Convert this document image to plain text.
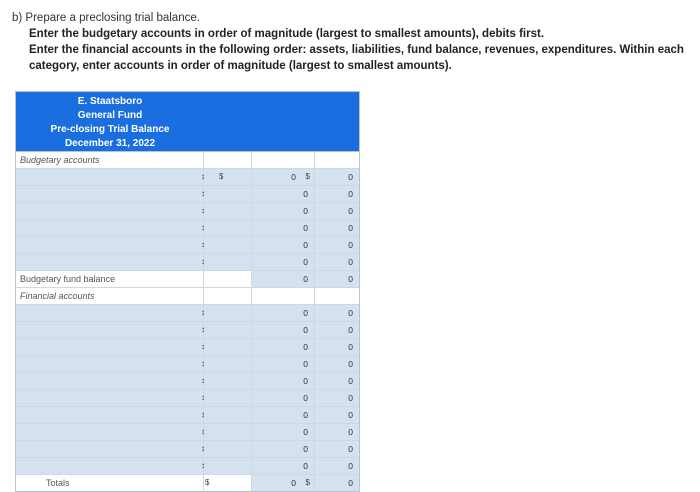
b) Prepare a preclosing trial balance.
Enter the budgetary accounts in order of magnitude (largest to smallest amounts), debits first.
Enter the financial accounts in the following order: assets, liabilities, fund balance, revenues, expenditures. Within each
category, enter accounts in order of magnitude (largest to smallest amounts).
E. Staatsboro
General Fund
Pre-closing Trial Balance
December 31, 2022
Budgetary accounts
↕	$	0 $	0
↕	0	0
↕	0	0
↕	0	0
↕	0	0
↕	0	0
Budgetary fund balance	0	0
Financial accounts
↕	0	0
↕	0	0
↕	0	0
↕	0	0
↕	0	0
↕	0	0
↕	0	0
↕	0	0
↕	0	0
↕	0	0
Totals	$	0 $	0
